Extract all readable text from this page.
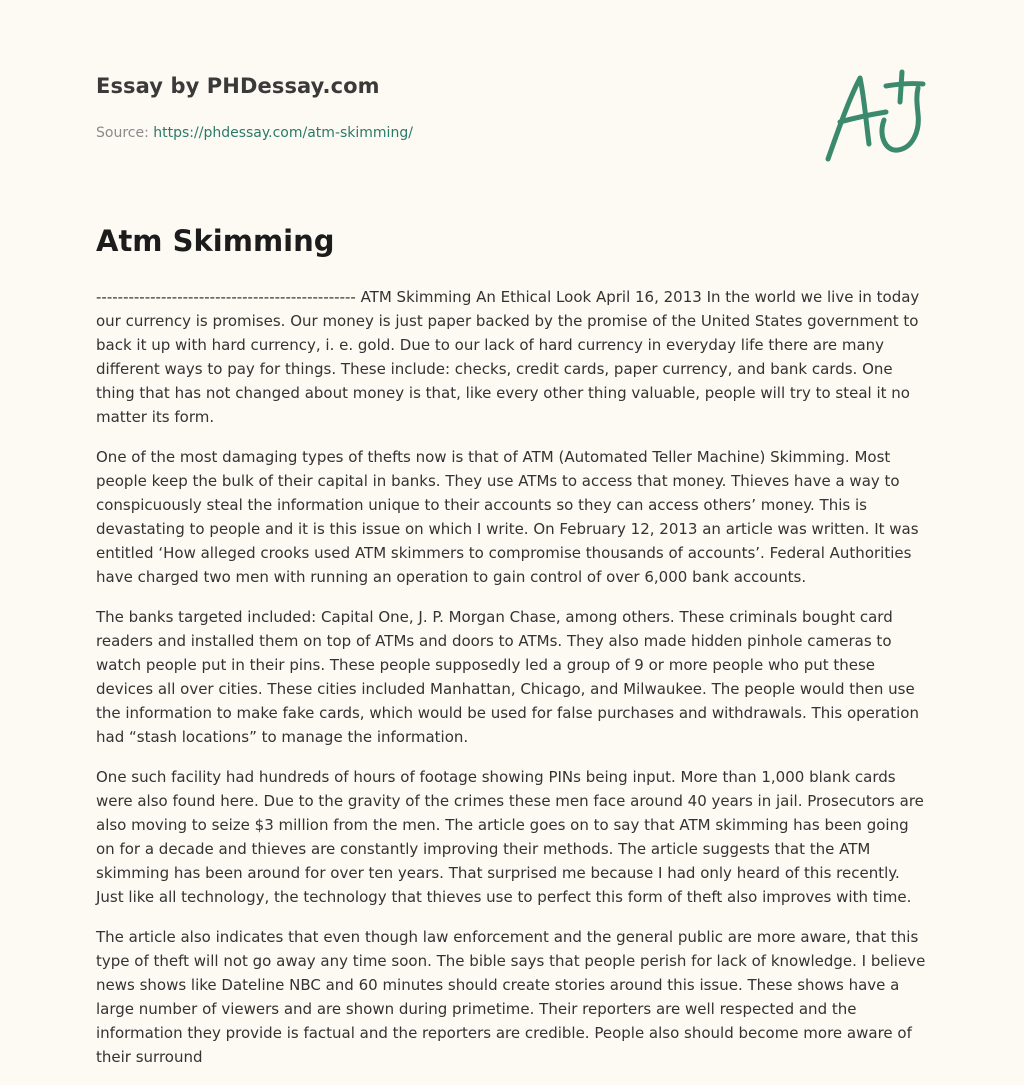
Essay by PHDessay.com
Source: https://phdessay.com/atm-skimming/
Atm Skimming

------------------------------------------------ ATM Skimming An Ethical Look April 16, 2013 In the world we live in today our currency is promises. Our money is just paper backed by the promise of the United States government to back it up with hard currency, i. e. gold. Due to our lack of hard currency in everyday life there are many different ways to pay for things. These include: checks, credit cards, paper currency, and bank cards. One thing that has not changed about money is that, like every other thing valuable, people will try to steal it no matter its form.

One of the most damaging types of thefts now is that of ATM (Automated Teller Machine) Skimming. Most people keep the bulk of their capital in banks. They use ATMs to access that money. Thieves have a way to conspicuously steal the information unique to their accounts so they can access others’ money. This is devastating to people and it is this issue on which I write. On February 12, 2013 an article was written. It was entitled ‘How alleged crooks used ATM skimmers to compromise thousands of accounts’. Federal Authorities have charged two men with running an operation to gain control of over 6,000 bank accounts.

The banks targeted included: Capital One, J. P. Morgan Chase, among others. These criminals bought card readers and installed them on top of ATMs and doors to ATMs. They also made hidden pinhole cameras to watch people put in their pins. These people supposedly led a group of 9 or more people who put these devices all over cities. These cities included Manhattan, Chicago, and Milwaukee. The people would then use the information to make fake cards, which would be used for false purchases and withdrawals. This operation had “stash locations” to manage the information.

One such facility had hundreds of hours of footage showing PINs being input. More than 1,000 blank cards were also found here. Due to the gravity of the crimes these men face around 40 years in jail. Prosecutors are also moving to seize $3 million from the men. The article goes on to say that ATM skimming has been going on for a decade and thieves are constantly improving their methods. The article suggests that the ATM skimming has been around for over ten years. That surprised me because I had only heard of this recently. Just like all technology, the technology that thieves use to perfect this form of theft also improves with time.

The article also indicates that even though law enforcement and the general public are more aware, that this type of theft will not go away any time soon. The bible says that people perish for lack of knowledge. I believe news shows like Dateline NBC and 60 minutes should create stories around this issue. These shows have a large number of viewers and are shown during primetime. Their reporters are well respected and the information they provide is factual and the reporters are credible. People also should become more aware of their surround
